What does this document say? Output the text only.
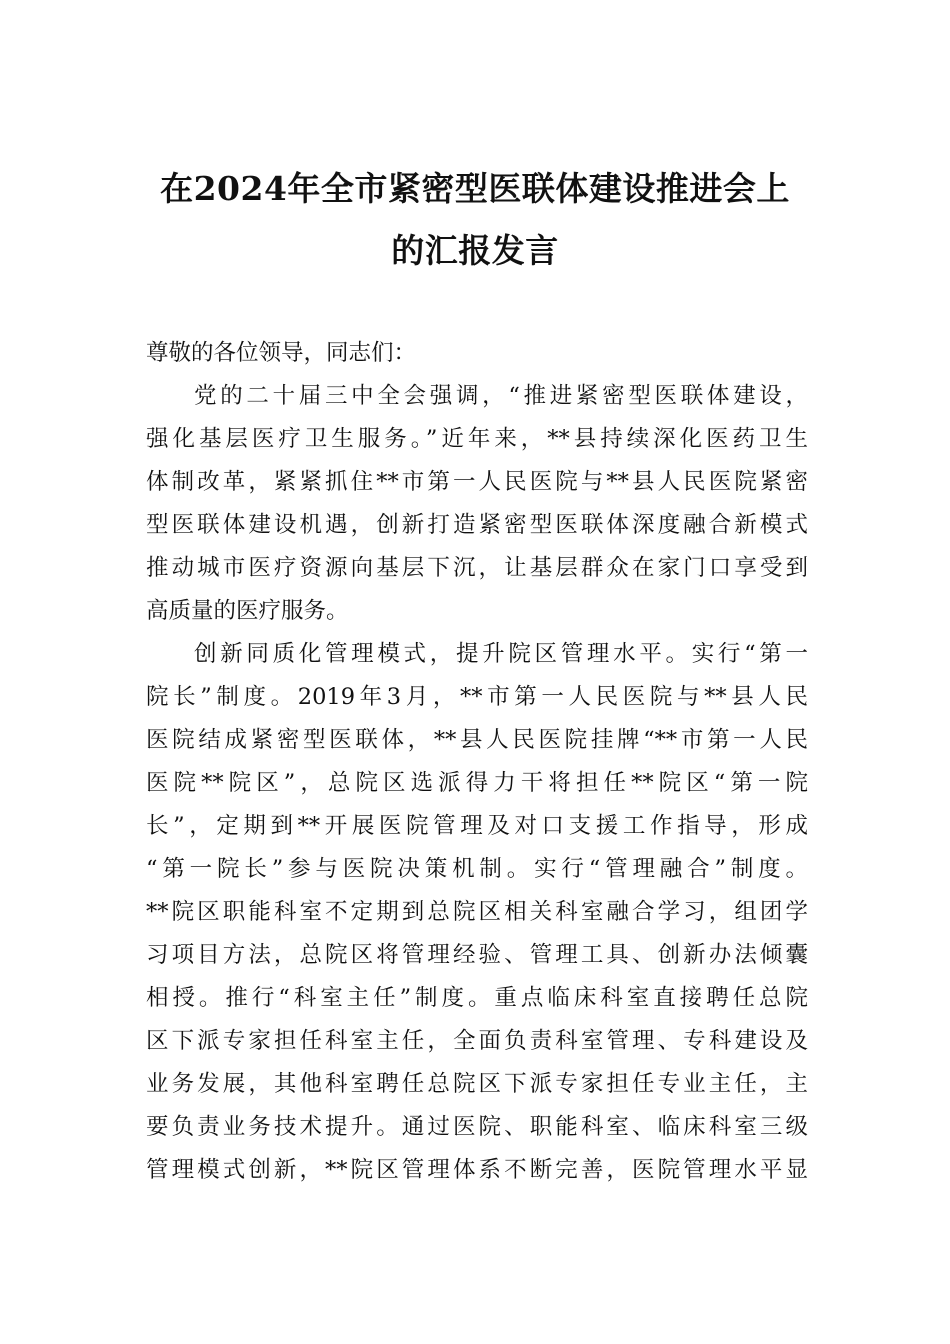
在2024年全市紧密型医联体建设推进会上
的汇报发言
尊敬的各位领导，同志们：
党的二十届三中全会强调，“推进紧密型医联体建设，
强化基层医疗卫生服务。”近年来，**县持续深化医药卫生
体制改革，紧紧抓住**市第一人民医院与**县人民医院紧密
型医联体建设机遇，创新打造紧密型医联体深度融合新模式
推动城市医疗资源向基层下沉，让基层群众在家门口享受到
高质量的医疗服务。
创新同质化管理模式，提升院区管理水平。实行“第一
院长”制度。2019年3月，**市第一人民医院与**县人民
医院结成紧密型医联体，**县人民医院挂牌“**市第一人民
医院**院区”，总院区选派得力干将担任**院区“第一院
长”，定期到**开展医院管理及对口支援工作指导，形成
“第一院长”参与医院决策机制。实行“管理融合”制度。
**院区职能科室不定期到总院区相关科室融合学习，组团学
习项目方法，总院区将管理经验、管理工具、创新办法倾囊
相授。推行“科室主任”制度。重点临床科室直接聘任总院
区下派专家担任科室主任，全面负责科室管理、专科建设及
业务发展，其他科室聘任总院区下派专家担任专业主任，主
要负责业务技术提升。通过医院、职能科室、临床科室三级
管理模式创新，**院区管理体系不断完善，医院管理水平显
